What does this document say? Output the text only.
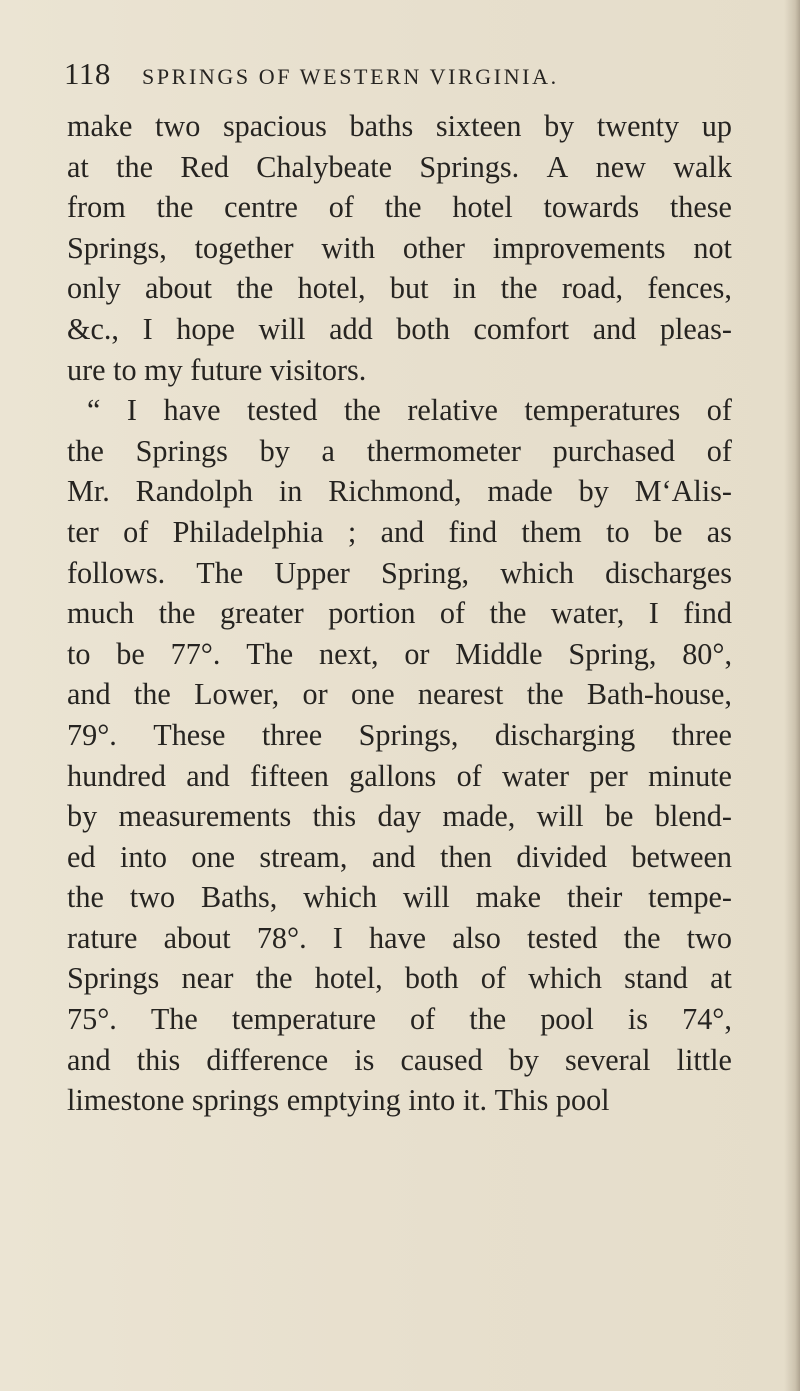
118	SPRINGS OF WESTERN VIRGINIA.
make two spacious baths sixteen by twenty up
at the Red Chalybeate Springs. A new walk
from the centre of the hotel towards these
Springs, together with other improvements not
only about the hotel, but in the road, fences,
&c., I hope will add both comfort and pleas-
ure to my future visitors.
“ I have tested the relative temperatures of
the Springs by a thermometer purchased of
Mr. Randolph in Richmond, made by M‘Alis-
ter of Philadelphia ; and find them to be as
follows. The Upper Spring, which discharges
much the greater portion of the water, I find
to be 77°. The next, or Middle Spring, 80°,
and the Lower, or one nearest the Bath-house,
79°. These three Springs, discharging three
hundred and fifteen gallons of water per minute
by measurements this day made, will be blend-
ed into one stream, and then divided between
the two Baths, which will make their tempe-
rature about 78°. I have also tested the two
Springs near the hotel, both of which stand at
75°. The temperature of the pool is 74°,
and this difference is caused by several little
limestone
springs
emptying
into
it.
This
pool
